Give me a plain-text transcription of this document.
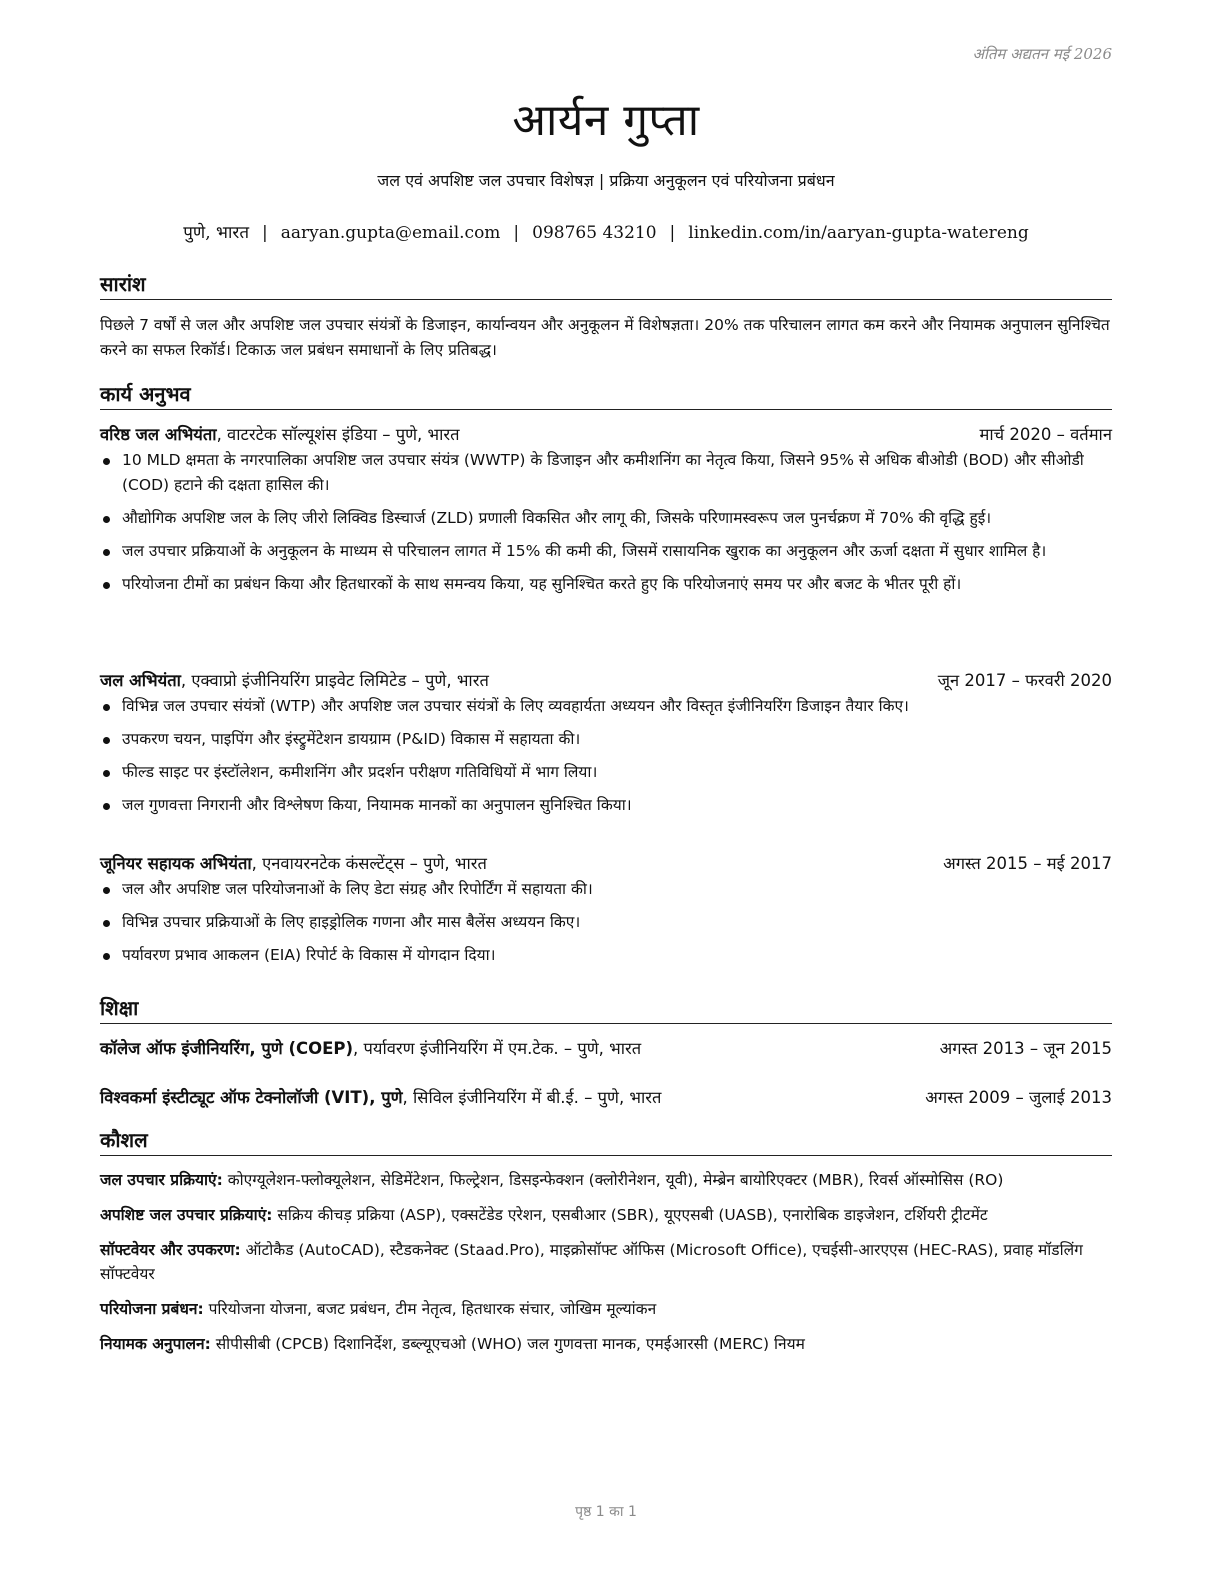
अंतिम अद्यतन मई 2026
आर्यन गुप्ता
जल एवं अपशिष्ट जल उपचार विशेषज्ञ | प्रक्रिया अनुकूलन एवं परियोजना प्रबंधन
पुणे, भारत | aaryan.gupta@email.com | 098765 43210 | linkedin.com/in/aaryan-gupta-watereng
सारांश

पिछले 7 वर्षों से जल और अपशिष्ट जल उपचार संयंत्रों के डिजाइन, कार्यान्वयन और अनुकूलन में विशेषज्ञता। 20% तक परिचालन लागत कम करने और नियामक अनुपालन सुनिश्चित करने का सफल रिकॉर्ड। टिकाऊ जल प्रबंधन समाधानों के लिए प्रतिबद्ध।

कार्य अनुभव
वरिष्ठ जल अभियंता, वाटरटेक सॉल्यूशंस इंडिया – पुणे, भारत	मार्च 2020 – वर्तमान
10 MLD क्षमता के नगरपालिका अपशिष्ट जल उपचार संयंत्र (WWTP) के डिजाइन और कमीशनिंग का नेतृत्व किया, जिसने 95% से अधिक बीओडी (BOD) और सीओडी (COD) हटाने की दक्षता हासिल की।
औद्योगिक अपशिष्ट जल के लिए जीरो लिक्विड डिस्चार्ज (ZLD) प्रणाली विकसित और लागू की, जिसके परिणामस्वरूप जल पुनर्चक्रण में 70% की वृद्धि हुई।
जल उपचार प्रक्रियाओं के अनुकूलन के माध्यम से परिचालन लागत में 15% की कमी की, जिसमें रासायनिक खुराक का अनुकूलन और ऊर्जा दक्षता में सुधार शामिल है।
परियोजना टीमों का प्रबंधन किया और हितधारकों के साथ समन्वय किया, यह सुनिश्चित करते हुए कि परियोजनाएं समय पर और बजट के भीतर पूरी हों।
जल अभियंता, एक्वाप्रो इंजीनियरिंग प्राइवेट लिमिटेड – पुणे, भारत	जून 2017 – फरवरी 2020
विभिन्न जल उपचार संयंत्रों (WTP) और अपशिष्ट जल उपचार संयंत्रों के लिए व्यवहार्यता अध्ययन और विस्तृत इंजीनियरिंग डिजाइन तैयार किए।
उपकरण चयन, पाइपिंग और इंस्ट्रुमेंटेशन डायग्राम (P&ID) विकास में सहायता की।
फील्ड साइट पर इंस्टॉलेशन, कमीशनिंग और प्रदर्शन परीक्षण गतिविधियों में भाग लिया।
जल गुणवत्ता निगरानी और विश्लेषण किया, नियामक मानकों का अनुपालन सुनिश्चित किया।
जूनियर सहायक अभियंता, एनवायरनटेक कंसल्टेंट्स – पुणे, भारत	अगस्त 2015 – मई 2017
जल और अपशिष्ट जल परियोजनाओं के लिए डेटा संग्रह और रिपोर्टिंग में सहायता की।
विभिन्न उपचार प्रक्रियाओं के लिए हाइड्रोलिक गणना और मास बैलेंस अध्ययन किए।
पर्यावरण प्रभाव आकलन (EIA) रिपोर्ट के विकास में योगदान दिया।
शिक्षा
कॉलेज ऑफ इंजीनियरिंग, पुणे (COEP), पर्यावरण इंजीनियरिंग में एम.टेक. – पुणे, भारत	अगस्त 2013 – जून 2015
विश्वकर्मा इंस्टीट्यूट ऑफ टेक्नोलॉजी (VIT), पुणे, सिविल इंजीनियरिंग में बी.ई. – पुणे, भारत	अगस्त 2009 – जुलाई 2013
कौशल
जल उपचार प्रक्रियाएं: कोएग्यूलेशन-फ्लोक्यूलेशन, सेडिमेंटेशन, फिल्ट्रेशन, डिसइन्फेक्शन (क्लोरीनेशन, यूवी), मेम्ब्रेन बायोरिएक्टर (MBR), रिवर्स ऑस्मोसिस (RO)
अपशिष्ट जल उपचार प्रक्रियाएं: सक्रिय कीचड़ प्रक्रिया (ASP), एक्सटेंडेड एरेशन, एसबीआर (SBR), यूएएसबी (UASB), एनारोबिक डाइजेशन, टर्शियरी ट्रीटमेंट
सॉफ्टवेयर और उपकरण: ऑटोकैड (AutoCAD), स्टैडकनेक्ट (Staad.Pro), माइक्रोसॉफ्ट ऑफिस (Microsoft Office), एचईसी-आरएएस (HEC-RAS), प्रवाह मॉडलिंग सॉफ्टवेयर
परियोजना प्रबंधन: परियोजना योजना, बजट प्रबंधन, टीम नेतृत्व, हितधारक संचार, जोखिम मूल्यांकन
नियामक अनुपालन: सीपीसीबी (CPCB) दिशानिर्देश, डब्ल्यूएचओ (WHO) जल गुणवत्ता मानक, एमईआरसी (MERC) नियम
पृष्ठ 1 का 1
